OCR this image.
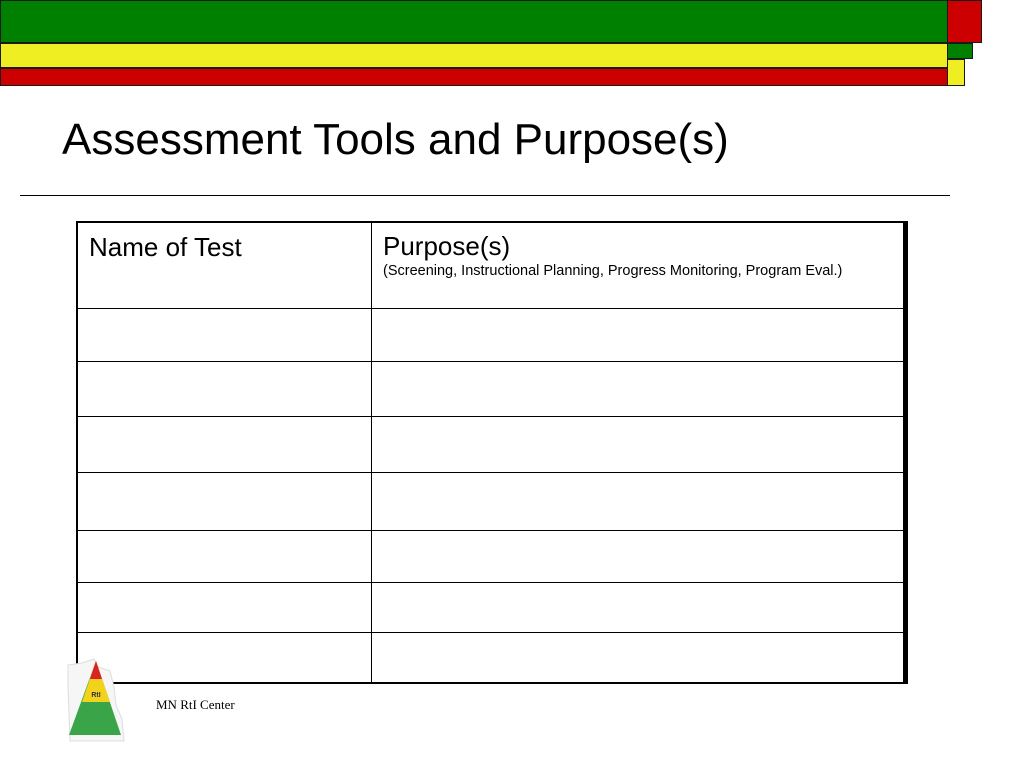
Assessment Tools and Purpose(s)
Name of Test	Purpose(s)
(Screening, Instructional Planning, Progress Monitoring, Program Eval.)

RtI
MN RtI Center
